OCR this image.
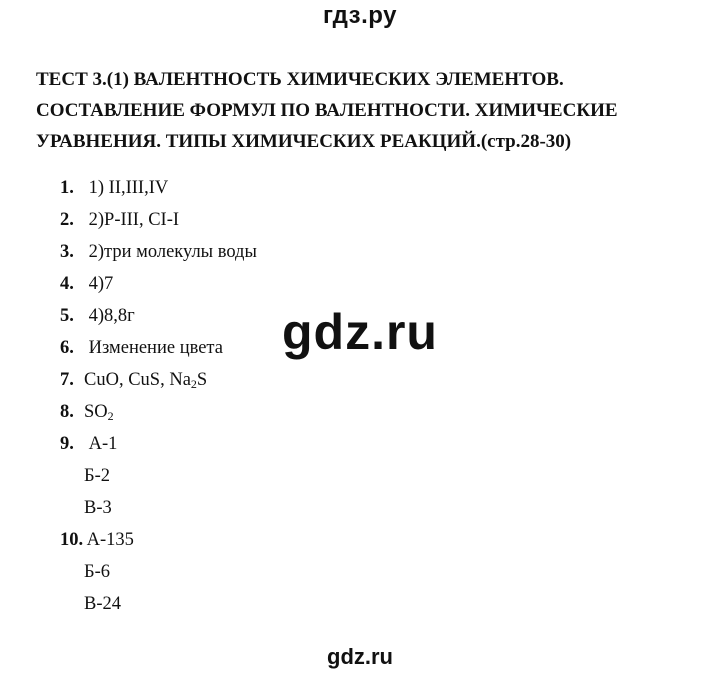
гдз.ру
ТЕСТ 3.(1) ВАЛЕНТНОСТЬ ХИМИЧЕСКИХ ЭЛЕМЕНТОВ.
СОСТАВЛЕНИЕ ФОРМУЛ ПО ВАЛЕНТНОСТИ. ХИМИЧЕСКИЕ
УРАВНЕНИЯ. ТИПЫ ХИМИЧЕСКИХ РЕАКЦИЙ.(стр.28-30)
1. 1) II,III,IV
2. 2)P-III, CI-I
3. 2)три молекулы воды
4. 4)7
5. 4)8,8г
6. Изменение цвета
7. CuO, CuS, $Na_2S$
8. $SO_2$
9. А-1
Б-2
В-3
10. А-135
Б-6
В-24
gdz.ru
gdz.ru
